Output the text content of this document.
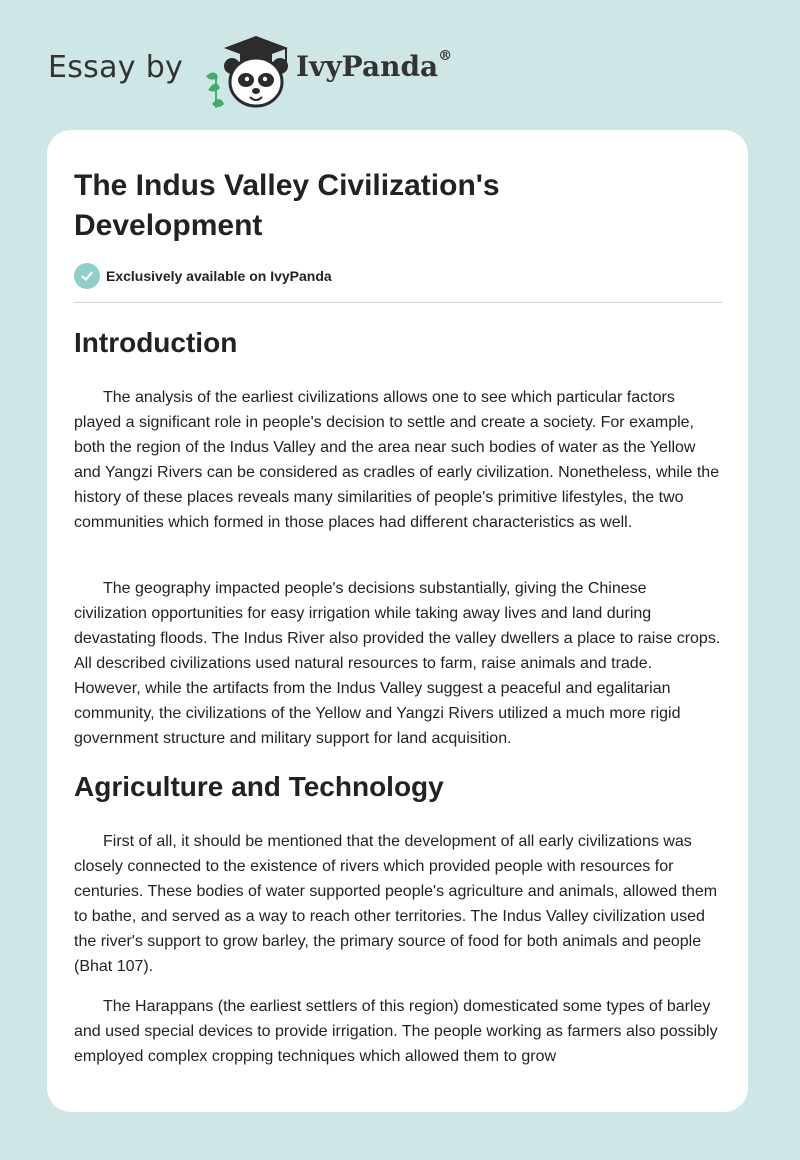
Essay by	IvyPanda®
The Indus Valley Civilization's Development
Exclusively available on IvyPanda
Introduction

The analysis of the earliest civilizations allows one to see which particular factors played a significant role in people's decision to settle and create a society. For example, both the region of the Indus Valley and the area near such bodies of water as the Yellow and Yangzi Rivers can be considered as cradles of early civilization. Nonetheless, while the history of these places reveals many similarities of people's primitive lifestyles, the two communities which formed in those places had different characteristics as well.

The geography impacted people's decisions substantially, giving the Chinese civilization opportunities for easy irrigation while taking away lives and land during devastating floods. The Indus River also provided the valley dwellers a place to raise crops. All described civilizations used natural resources to farm, raise animals and trade. However, while the artifacts from the Indus Valley suggest a peaceful and egalitarian community, the civilizations of the Yellow and Yangzi Rivers utilized a much more rigid government structure and military support for land acquisition.

Agriculture and Technology

First of all, it should be mentioned that the development of all early civilizations was closely connected to the existence of rivers which provided people with resources for centuries. These bodies of water supported people's agriculture and animals, allowed them to bathe, and served as a way to reach other territories. The Indus Valley civilization used the river's support to grow barley, the primary source of food for both animals and people (Bhat 107).

The Harappans (the earliest settlers of this region) domesticated some types of barley and used special devices to provide irrigation. The people working as farmers also possibly employed complex cropping techniques which allowed them to grow
